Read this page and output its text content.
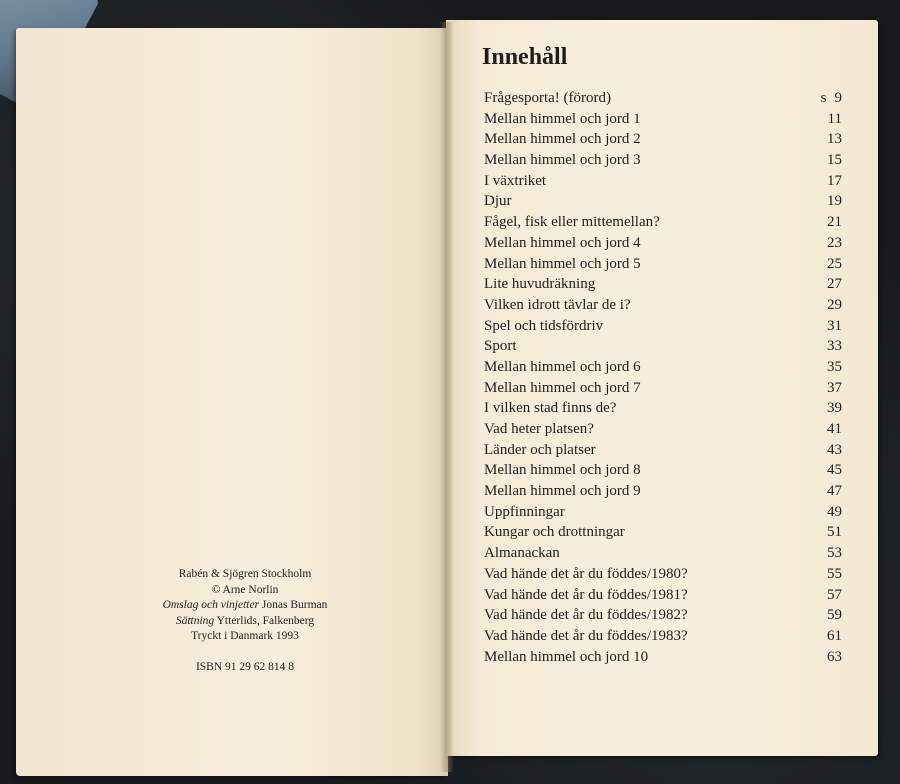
Rabén & Sjögren Stockholm
© Arne Norlin
Omslag och vinjetter Jonas Burman
Sättning Ytterlids, Falkenberg
Tryckt i Danmark 1993
ISBN 91 29 62 814 8
Innehåll
Frågesporta! (förord)	s 9
Mellan himmel och jord 1	11
Mellan himmel och jord 2	13
Mellan himmel och jord 3	15
I växtriket	17
Djur	19
Fågel, fisk eller mittemellan?	21
Mellan himmel och jord 4	23
Mellan himmel och jord 5	25
Lite huvudräkning	27
Vilken idrott tävlar de i?	29
Spel och tidsfördriv	31
Sport	33
Mellan himmel och jord 6	35
Mellan himmel och jord 7	37
I vilken stad finns de?	39
Vad heter platsen?	41
Länder och platser	43
Mellan himmel och jord 8	45
Mellan himmel och jord 9	47
Uppfinningar	49
Kungar och drottningar	51
Almanackan	53
Vad hände det år du föddes/1980?	55
Vad hände det år du föddes/1981?	57
Vad hände det år du föddes/1982?	59
Vad hände det år du föddes/1983?	61
Mellan himmel och jord 10	63
